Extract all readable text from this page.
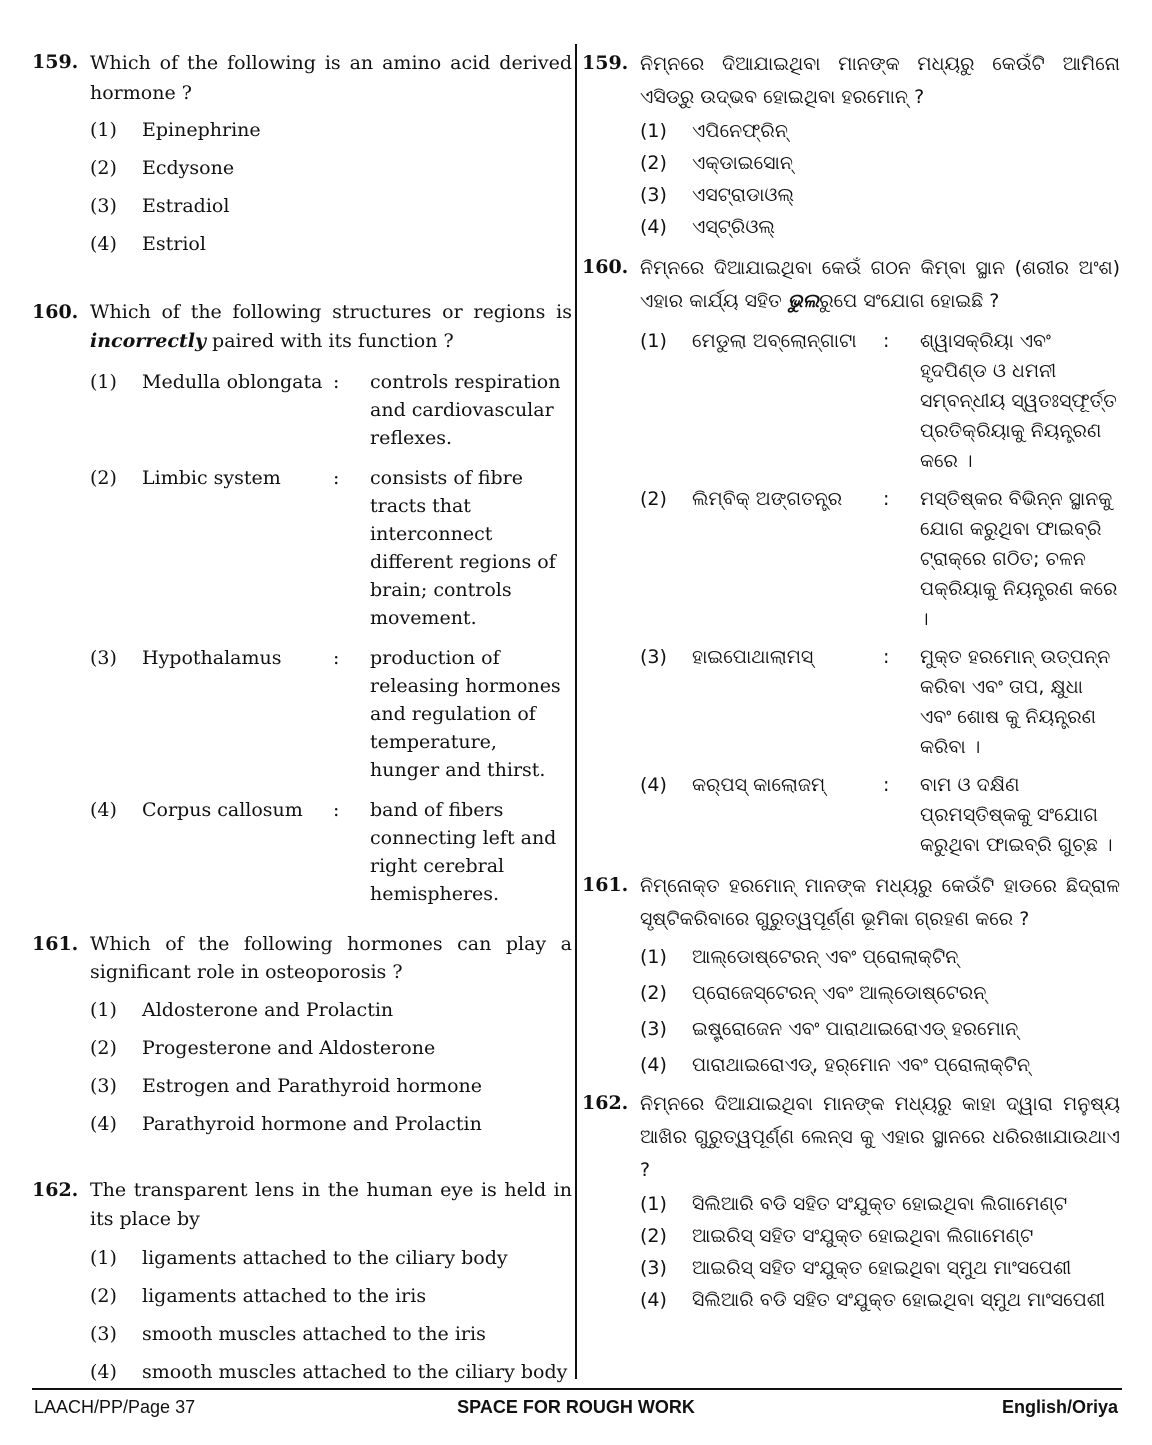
159. Which of the following is an amino acid derived hormone ?
(1) Epinephrine
(2) Ecdysone
(3) Estradiol
(4) Estriol
160. Which of the following structures or regions is incorrectly paired with its function ?
(1) Medulla oblongata : controls respiration and cardiovascular reflexes.
(2) Limbic system	: consists of fibre tracts that interconnect different regions of brain; controls movement.
(3) Hypothalamus	: production of releasing hormones and regulation of temperature, hunger and thirst.
(4) Corpus callosum	: band of fibers connecting left and right cerebral hemispheres.
161. Which of the following hormones can play a significant role in osteoporosis ?
(1) Aldosterone and Prolactin
(2) Progesterone and Aldosterone
(3) Estrogen and Parathyroid hormone
(4) Parathyroid hormone and Prolactin
162. The transparent lens in the human eye is held in its place by
(1) ligaments attached to the ciliary body
(2) ligaments attached to the iris
(3) smooth muscles attached to the iris
(4) smooth muscles attached to the ciliary body
159. ନିମ୍ନରେ ଦିଆଯାଇଥିବା ମାନଙ୍କ ମଧ୍ୟରୁ କେଉଁଟି ଆମିନୋ ଏସିଡ୍‌ରୁ ଉଦ୍ଭବ ହୋଇଥିବା ହରମୋନ୍ ?
(1) ଏପିନେଫ୍ରିନ୍
(2) ଏକ୍‌ଡାଇସୋନ୍
(3) ଏସଟ୍ରାଡାଓଲ୍
(4) ଏସ୍‌ଟ୍ରିଓଲ୍
160. ନିମ୍ନରେ ଦିଆଯାଇଥିବା କେଉଁ ଗଠନ କିମ୍ବା ସ୍ଥାନ (ଶରୀର ଅଂଶ) ଏହାର କାର୍ଯ୍ୟ ସହିତ ଭୁଲରୁପେ ସଂଯୋଗ ହୋଇଛି ?
(1) ମେଡୁଲା ଅବ୍‌ଲୋନ୍‌ଗାଟା	: ଶ୍ୱାସକ୍ରିୟା ଏବଂ ହୃଦପିଣ୍ଡ ଓ ଧମନୀ ସମ୍ବନ୍ଧୀୟ ସ୍ୱତଃସ୍ଫୂର୍ତ୍ତ ପ୍ରତିକ୍ରିୟାକୁ ନିୟନ୍ତ୍ରଣ କରେ ।
(2) ଲିମ୍ବିକ୍ ଅଙ୍ଗତନ୍ତ୍ର	: ମସ୍ତିଷ୍କର ବିଭିନ୍ନ ସ୍ଥାନକୁ ଯୋଗ କରୁଥିବା ଫାଇବ୍ରି ଟ୍ରାକ୍‌ରେ ଗଠିତ; ଚଳନ ପକ୍ରିୟାକୁ ନିୟନ୍ତ୍ରଣ କରେ ।
(3) ହାଇପୋଥାଲାମସ୍	: ମୁକ୍ତ ହରମୋନ୍ ଉତ୍ପନ୍ନ କରିବା ଏବଂ ତାପ, କ୍ଷୁଧା ଏବଂ ଶୋଷ କୁ ନିୟନ୍ତ୍ରଣ କରିବା ।
(4) କର୍‌ପସ୍ କାଲୋଜମ୍	: ବାମ ଓ ଦକ୍ଷିଣ ପ୍ରମସ୍ତିଷ୍କକୁ ସଂଯୋଗ କରୁଥିବା ଫାଇବ୍ରି ଗୁଚ୍ଛ ।
161. ନିମ୍ନୋକ୍ତ ହରମୋନ୍ ମାନଙ୍କ ମଧ୍ୟରୁ କେଉଁଟି ହାଡରେ ଛିଦ୍ରାଳ ସୃଷ୍ଟିକରିବାରେ ଗୁରୁତ୍ୱପୂର୍ଣ୍ଣ ଭୂମିକା ଗ୍ରହଣ କରେ ?
(1) ଆଲ୍‌ଡୋଷ୍ଟେରନ୍ ଏବଂ ପ୍ରୋଲାକ୍‌ଟିନ୍
(2) ପ୍ରୋଜେସ୍‌ଟେରନ୍ ଏବଂ ଆଲ୍‌ଡୋଷ୍ଟେରନ୍
(3) ଇଷ୍ଟ୍ରୋଜେନ ଏବଂ ପାରାଥାଇରୋଏଡ୍ ହରମୋନ୍
(4) ପାରାଥାଇରୋଏଡ୍, ହର୍‌ମୋନ ଏବଂ ପ୍ରୋଲାକ୍‌ଟିନ୍
162. ନିମ୍ନରେ ଦିଆଯାଇଥିବା ମାନଙ୍କ ମଧ୍ୟରୁ କାହା ଦ୍ୱାରା ମନୁଷ୍ୟ ଆଖିର ଗୁରୁତ୍ୱପୂର୍ଣ୍ଣ ଲେନ୍‌ସ କୁ ଏହାର ସ୍ଥାନରେ ଧରିରଖାଯାଉଥାଏ ?
(1) ସିଲିଆରି ବଡି ସହିତ ସଂଯୁକ୍ତ ହୋଇଥିବା ଲିଗାମେଣ୍ଟ
(2) ଆଇରିସ୍ ସହିତ ସଂଯୁକ୍ତ ହୋଇଥିବା ଲିଗାମେଣ୍ଟ
(3) ଆଇରିସ୍ ସହିତ ସଂଯୁକ୍ତ ହୋଇଥିବା ସ୍ମୁଥ ମାଂସପେଶୀ
(4) ସିଲିଆରି ବଡି ସହିତ ସଂଯୁକ୍ତ ହୋଇଥିବା ସ୍ମୁଥ ମାଂସପେଶୀ
LAACH/PP/Page 37	SPACE FOR ROUGH WORK	English/Oriya
